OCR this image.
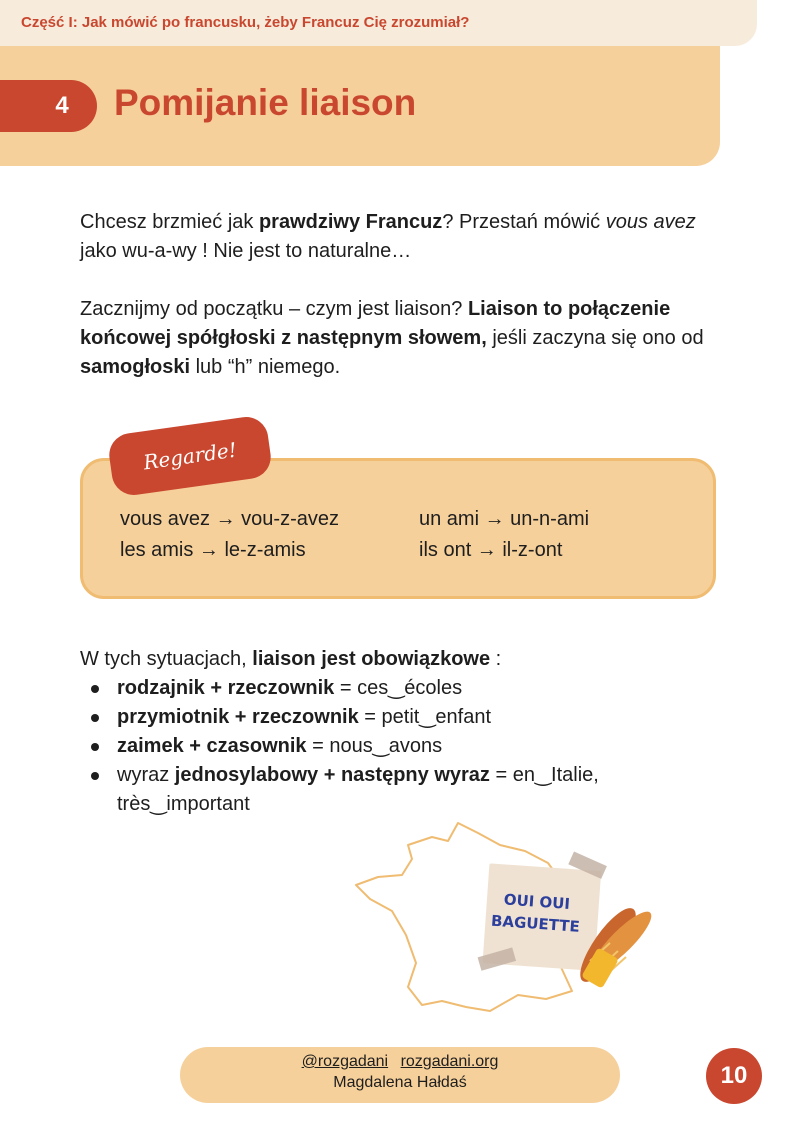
Część I: Jak mówić po francusku, żeby Francuz Cię zrozumiał?
4 Pomijanie liaison
Chcesz brzmieć jak prawdziwy Francuz? Przestań mówić vous avez jako wu-a-wy ! Nie jest to naturalne…
Zacznijmy od początku – czym jest liaison? Liaison to połączenie końcowej spółgłoski z następnym słowem, jeśli zaczyna się ono od samogłoski lub “h” niemego.
Regarde!
vous avez → vou-z-avez
les amis → le-z-amis
un ami → un-n-ami
ils ont → il-z-ont
W tych sytuacjach, liaison jest obowiązkowe :
rodzajnik + rzeczownik = ces‿écoles
przymiotnik + rzeczownik = petit‿enfant
zaimek + czasownik = nous‿avons
wyraz jednosylabowy + następny wyraz = en‿Italie, très‿important
OUI OUI
BAGUETTE
@rozgadani rozgadani.org
Magdalena Hałdaś	10
